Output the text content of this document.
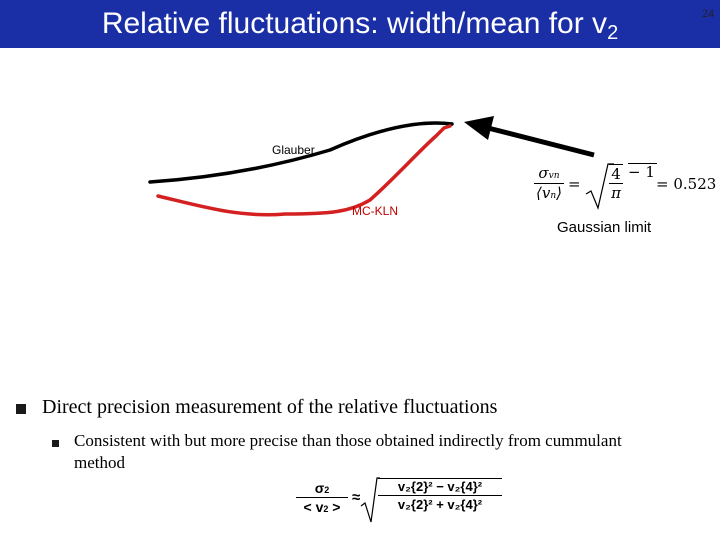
Relative fluctuations: width/mean for $v_2$
24
Glauber
MC-KLN
σvn
⟨vn⟩ =
4
π
− 1
= 0.523
Gaussian limit
Direct precision measurement of the relative fluctuations
Consistent with but more precise than those obtained indirectly from cummulant method
σ2
< v2 >
≈
v₂{2}² − v₂{4}²
v₂{2}² + v₂{4}²
